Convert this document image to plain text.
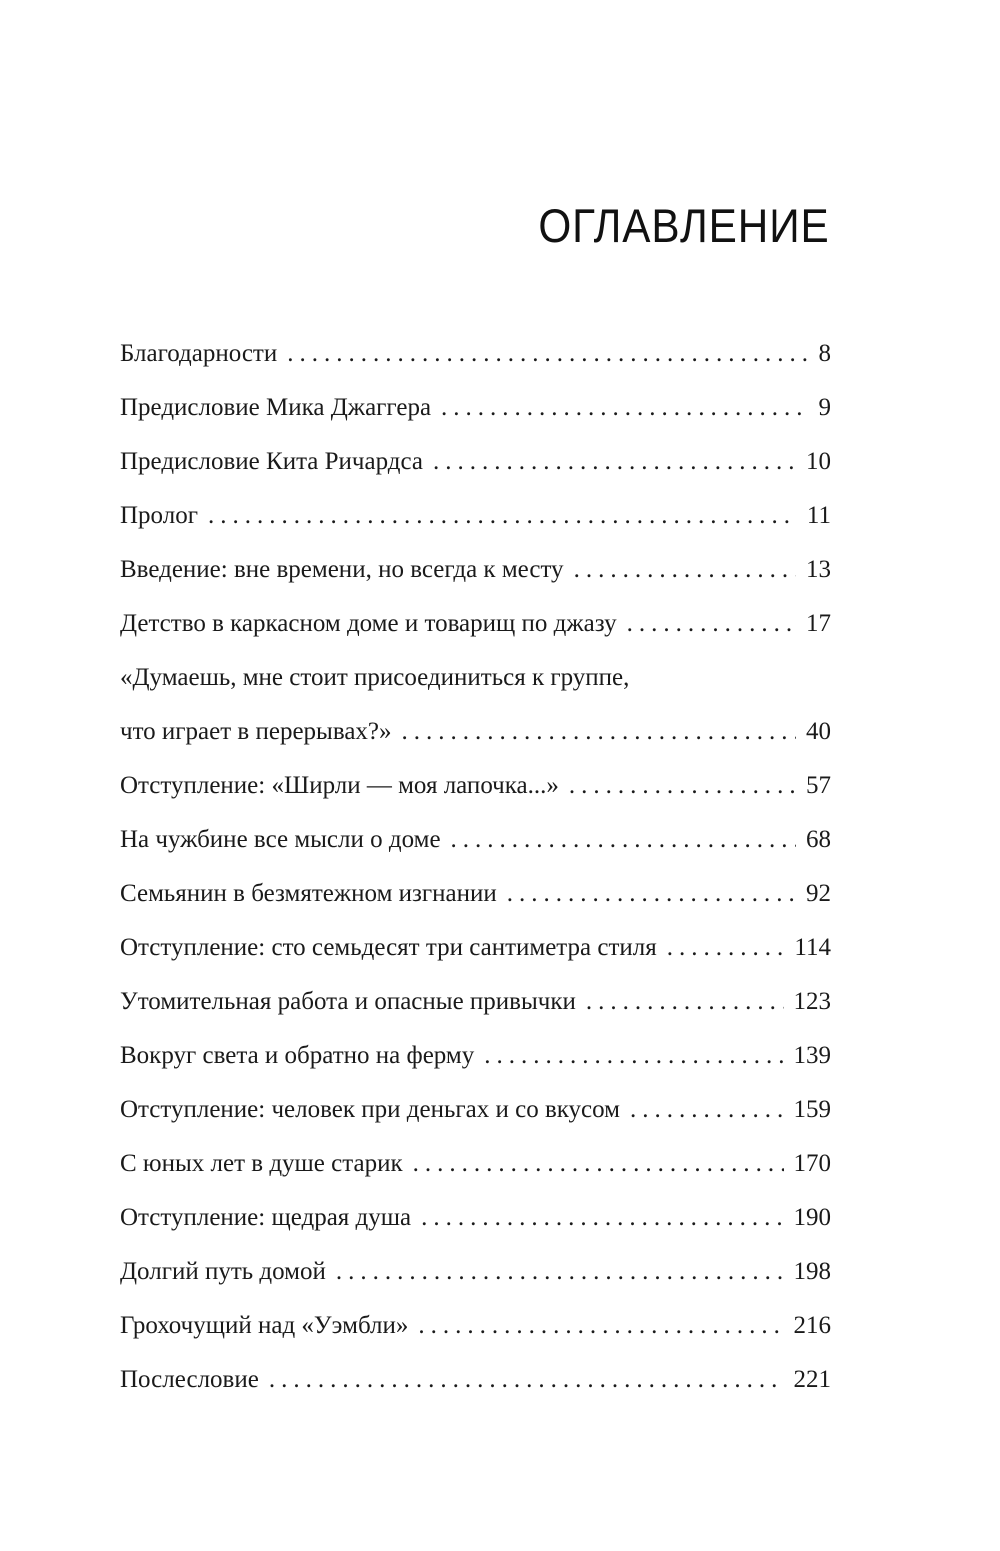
ОГЛАВЛЕНИЕ
Благодарности .....	8
Предисловие Мика Джаггера .....	9
Предисловие Кита Ричардса .....	10
Пролог .....	11
Введение: вне времени, но всегда к месту .....	13
Детство в каркасном доме и товарищ по джазу .....	17
«Думаешь, мне стоит присоединиться к группе,
что играет в перерывах?» .....	40
Отступление: «Ширли — моя лапочка...» .....	57
На чужбине все мысли о доме .....	68
Семьянин в безмятежном изгнании .....	92
Отступление: сто семьдесят три сантиметра стиля .....	114
Утомительная работа и опасные привычки .....	123
Вокруг света и обратно на ферму .....	139
Отступление: человек при деньгах и со вкусом .....	159
С юных лет в душе старик .....	170
Отступление: щедрая душа .....	190
Долгий путь домой .....	198
Грохочущий над «Уэмбли» .....	216
Послесловие .....	221
